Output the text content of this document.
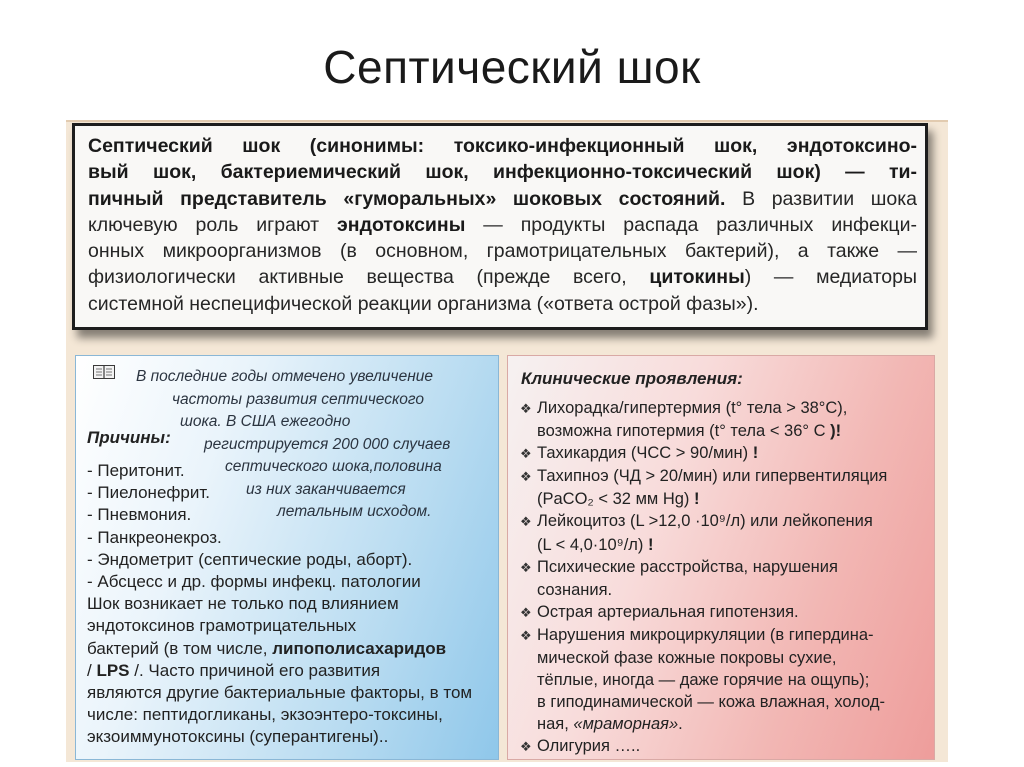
Септический шок
Септический шок (синонимы: токсико-инфекционный шок, эндотоксино-
вый шок, бактериемический шок, инфекционно-токсический шок) — ти-
пичный представитель «гуморальных» шоковых состояний. В развитии шока
ключевую роль играют эндотоксины — продукты распада различных инфекци-
онных микроорганизмов (в основном, грамотрицательных бактерий), а также —
физиологически активные вещества (прежде всего, цитокины) — медиаторы
системной неспецифической реакции организма («ответа острой фазы»).
В последние годы отмечено увеличение
частоты развития септического
шока. В США ежегодно
регистрируется 200 000 случаев
септического шока,половина
из них заканчивается
летальным исходом.
Причины:
- Перитонит.
- Пиелонефрит.
- Пневмония.
- Панкреонекроз.
- Эндометрит (септические роды, аборт).
- Абсцесс и др. формы инфекц. патологии
Шок возникает не только под влиянием
эндотоксинов грамотрицательных
бактерий (в том числе, липополисахаридов
/ LPS /. Часто причиной его развития
являются другие бактериальные факторы, в том
числе: пептидогликаны, экзоэнтеро-токсины,
экзоиммунотоксины (суперантигены)..
Клинические проявления:
❖ Лихорадка/гипертермия (t° тела > 38°C),
возможна гипотермия (t° тела < 36° C )!
❖ Тахикардия (ЧСС > 90/мин) !
❖ Тахипноэ (ЧД > 20/мин) или гипервентиляция
(PaCO₂ < 32 мм Hg) !
❖ Лейкоцитоз (L >12,0 ·10⁹/л) или лейкопения
(L < 4,0·10⁹/л) !
❖ Психические расстройства, нарушения
сознания.
❖ Острая артериальная гипотензия.
❖ Нарушения микроциркуляции (в гипердина-
мической фазе кожные покровы сухие,
тёплые, иногда — даже горячие на ощупь);
в гиподинамической — кожа влажная, холод-
ная, «мраморная».
❖ Олигурия …..
